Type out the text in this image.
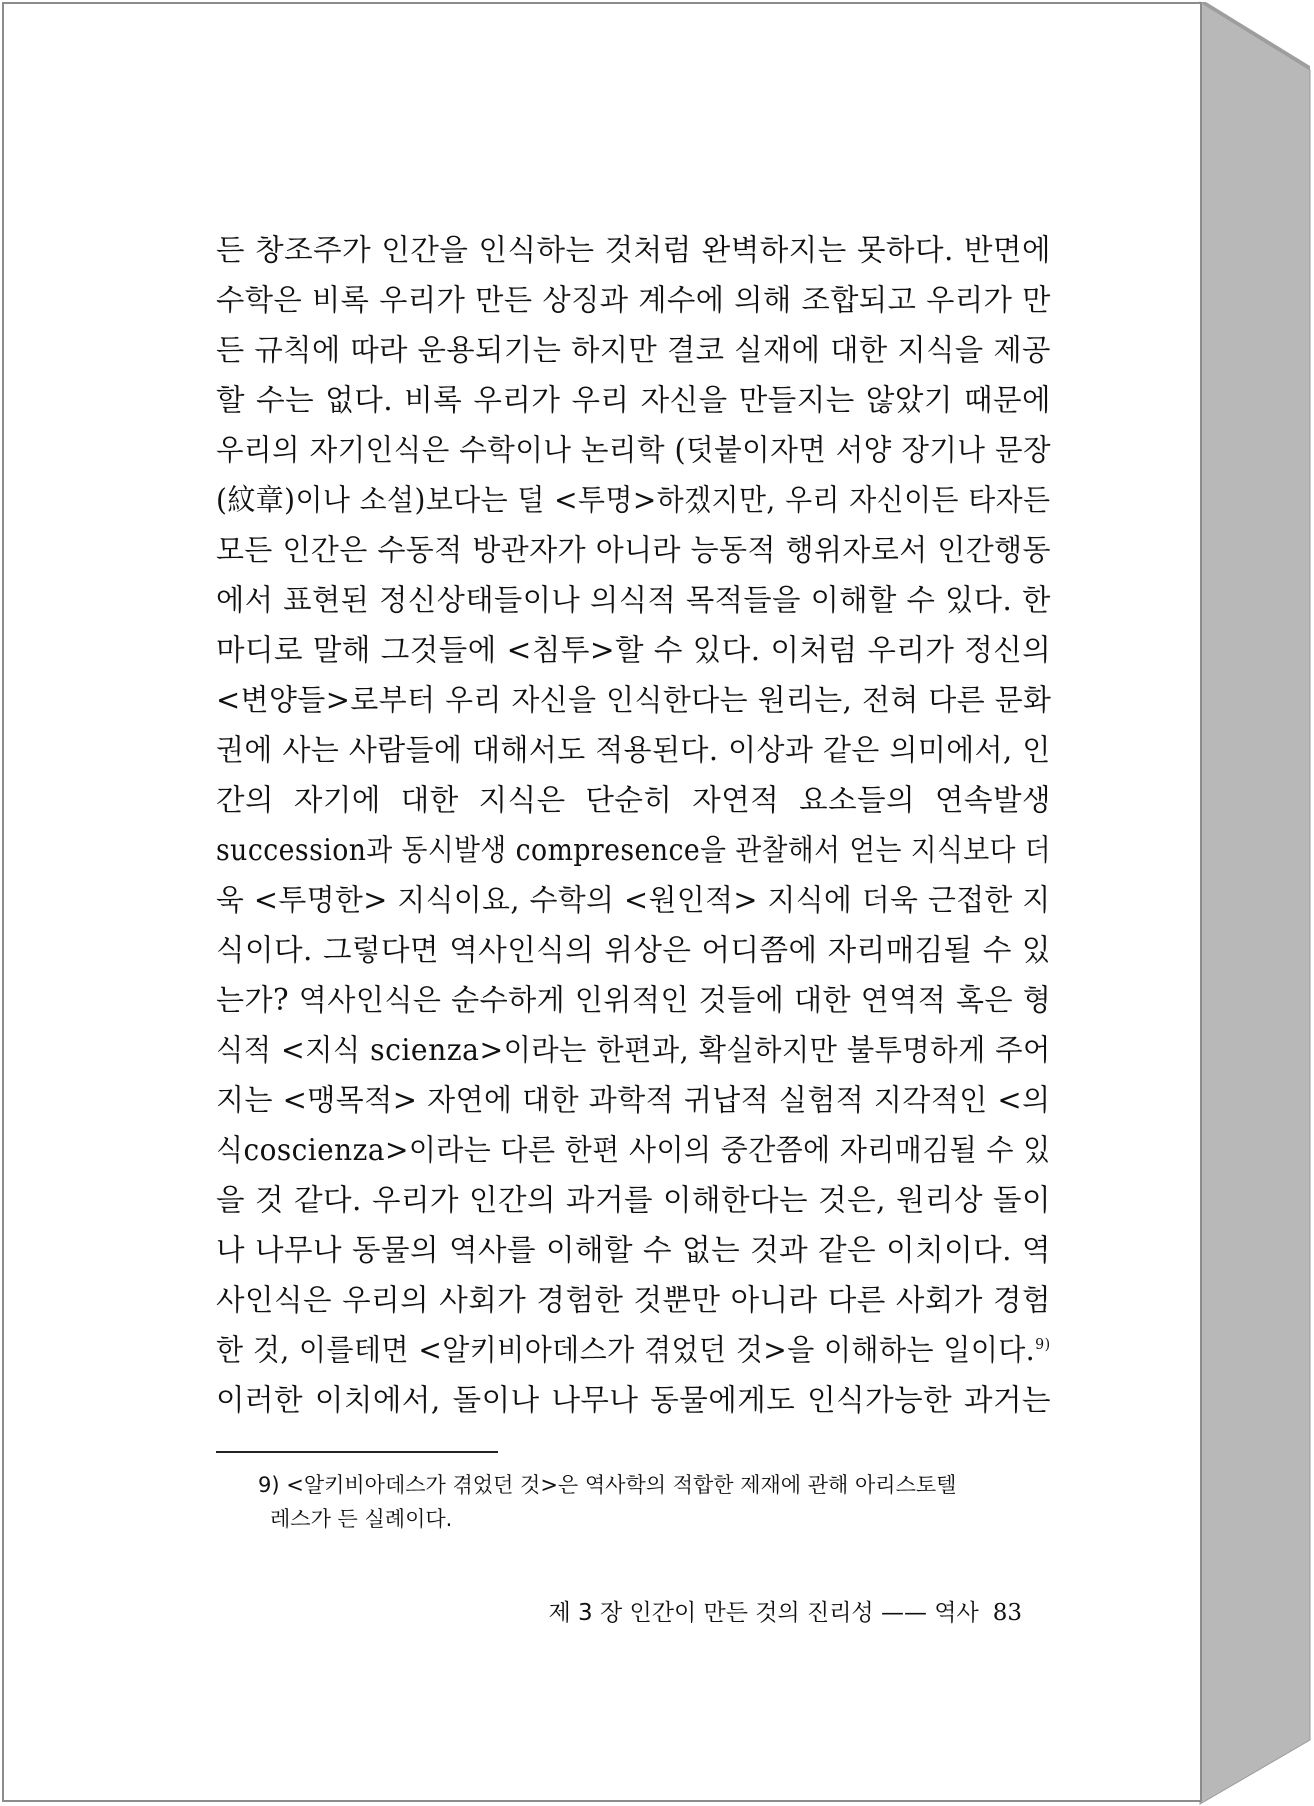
든 창조주가 인간을 인식하는 것처럼 완벽하지는 못하다. 반면에
수학은 비록 우리가 만든 상징과 계수에 의해 조합되고 우리가 만
든 규칙에 따라 운용되기는 하지만 결코 실재에 대한 지식을 제공
할 수는 없다. 비록 우리가 우리 자신을 만들지는 않았기 때문에
우리의 자기인식은 수학이나 논리학 (덧붙이자면 서양 장기나 문장
(紋章)이나 소설)보다는 덜 <투명>하겠지만, 우리 자신이든 타자든
모든 인간은 수동적 방관자가 아니라 능동적 행위자로서 인간행동
에서 표현된 정신상태들이나 의식적 목적들을 이해할 수 있다. 한
마디로 말해 그것들에 <침투>할 수 있다. 이처럼 우리가 정신의
<변양들>로부터 우리 자신을 인식한다는 원리는, 전혀 다른 문화
권에 사는 사람들에 대해서도 적용된다. 이상과 같은 의미에서, 인
간의 자기에 대한 지식은 단순히 자연적 요소들의 연속발생
succession과 동시발생 compresence을 관찰해서 얻는 지식보다 더
욱 <투명한> 지식이요, 수학의 <원인적> 지식에 더욱 근접한 지
식이다. 그렇다면 역사인식의 위상은 어디쯤에 자리매김될 수 있
는가? 역사인식은 순수하게 인위적인 것들에 대한 연역적 혹은 형
식적 <지식 scienza>이라는 한편과, 확실하지만 불투명하게 주어
지는 <맹목적> 자연에 대한 과학적 귀납적 실험적 지각적인 <의
식coscienza>이라는 다른 한편 사이의 중간쯤에 자리매김될 수 있
을 것 같다. 우리가 인간의 과거를 이해한다는 것은, 원리상 돌이
나 나무나 동물의 역사를 이해할 수 없는 것과 같은 이치이다. 역
사인식은 우리의 사회가 경험한 것뿐만 아니라 다른 사회가 경험
한 것, 이를테면 <알키비아데스가 겪었던 것>을 이해하는 일이다.$^{9)}$
이러한 이치에서, 돌이나 나무나 동물에게도 인식가능한 과거는
9) <알키비아데스가 겪었던 것>은 역사학의 적합한 제재에 관해 아리스토텔
레스가 든 실례이다.
제 3 장 인간이 만든 것의 진리성 —— 역사 83
